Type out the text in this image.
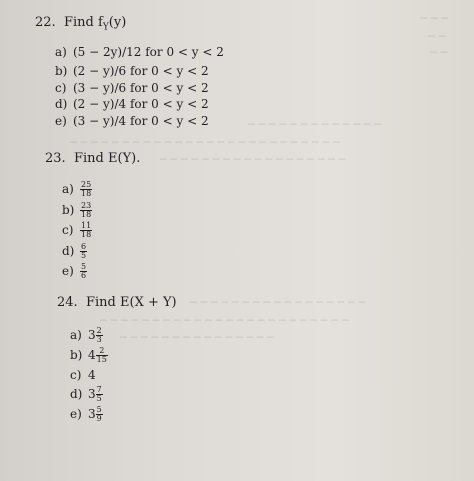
─ ─ ─
─ ─
─ ─
─ ─ ─ ─ ─ ─ ─ ─ ─ ─ ─ ─ ─
─ ─ ─ ─ ─ ─ ─ ─ ─ ─ ─ ─ ─ ─ ─ ─ ─ ─ ─ ─ ─ ─ ─ ─ ─ ─
─ ─ ─ ─ ─ ─ ─ ─ ─ ─ ─ ─ ─ ─ ─ ─ ─ ─
─ ─ ─ ─ ─ ─ ─ ─ ─ ─ ─ ─ ─ ─ ─ ─ ─
─ ─ ─ ─ ─ ─ ─ ─ ─ ─ ─ ─ ─ ─ ─ ─ ─ ─ ─ ─ ─ ─ ─ ─
─ ─ ─ ─ ─ ─ ─ ─ ─ ─ ─ ─ ─ ─ ─
22. Find $f_Y(y)$
a) (5 − 2y)/12 for 0 < y < 2
b) (2 − y)/6 for 0 < y < 2
c) (3 − y)/6 for 0 < y < 2
d) (2 − y)/4 for 0 < y < 2
e) (3 − y)/4 for 0 < y < 2
23. Find E(Y).
$a) \frac{25}{18}$
$b) \frac{23}{18}$
$c) \frac{11}{18}$
$d) \frac{6}{5}$
$e) \frac{5}{6}$
24. Find E(X + Y)
a) $3 \frac{2}{3}$
b) $4 \frac{2}{15}$
c) 4
d) $3 \frac{7}{5}$
e) $3 \frac{5}{9}$
